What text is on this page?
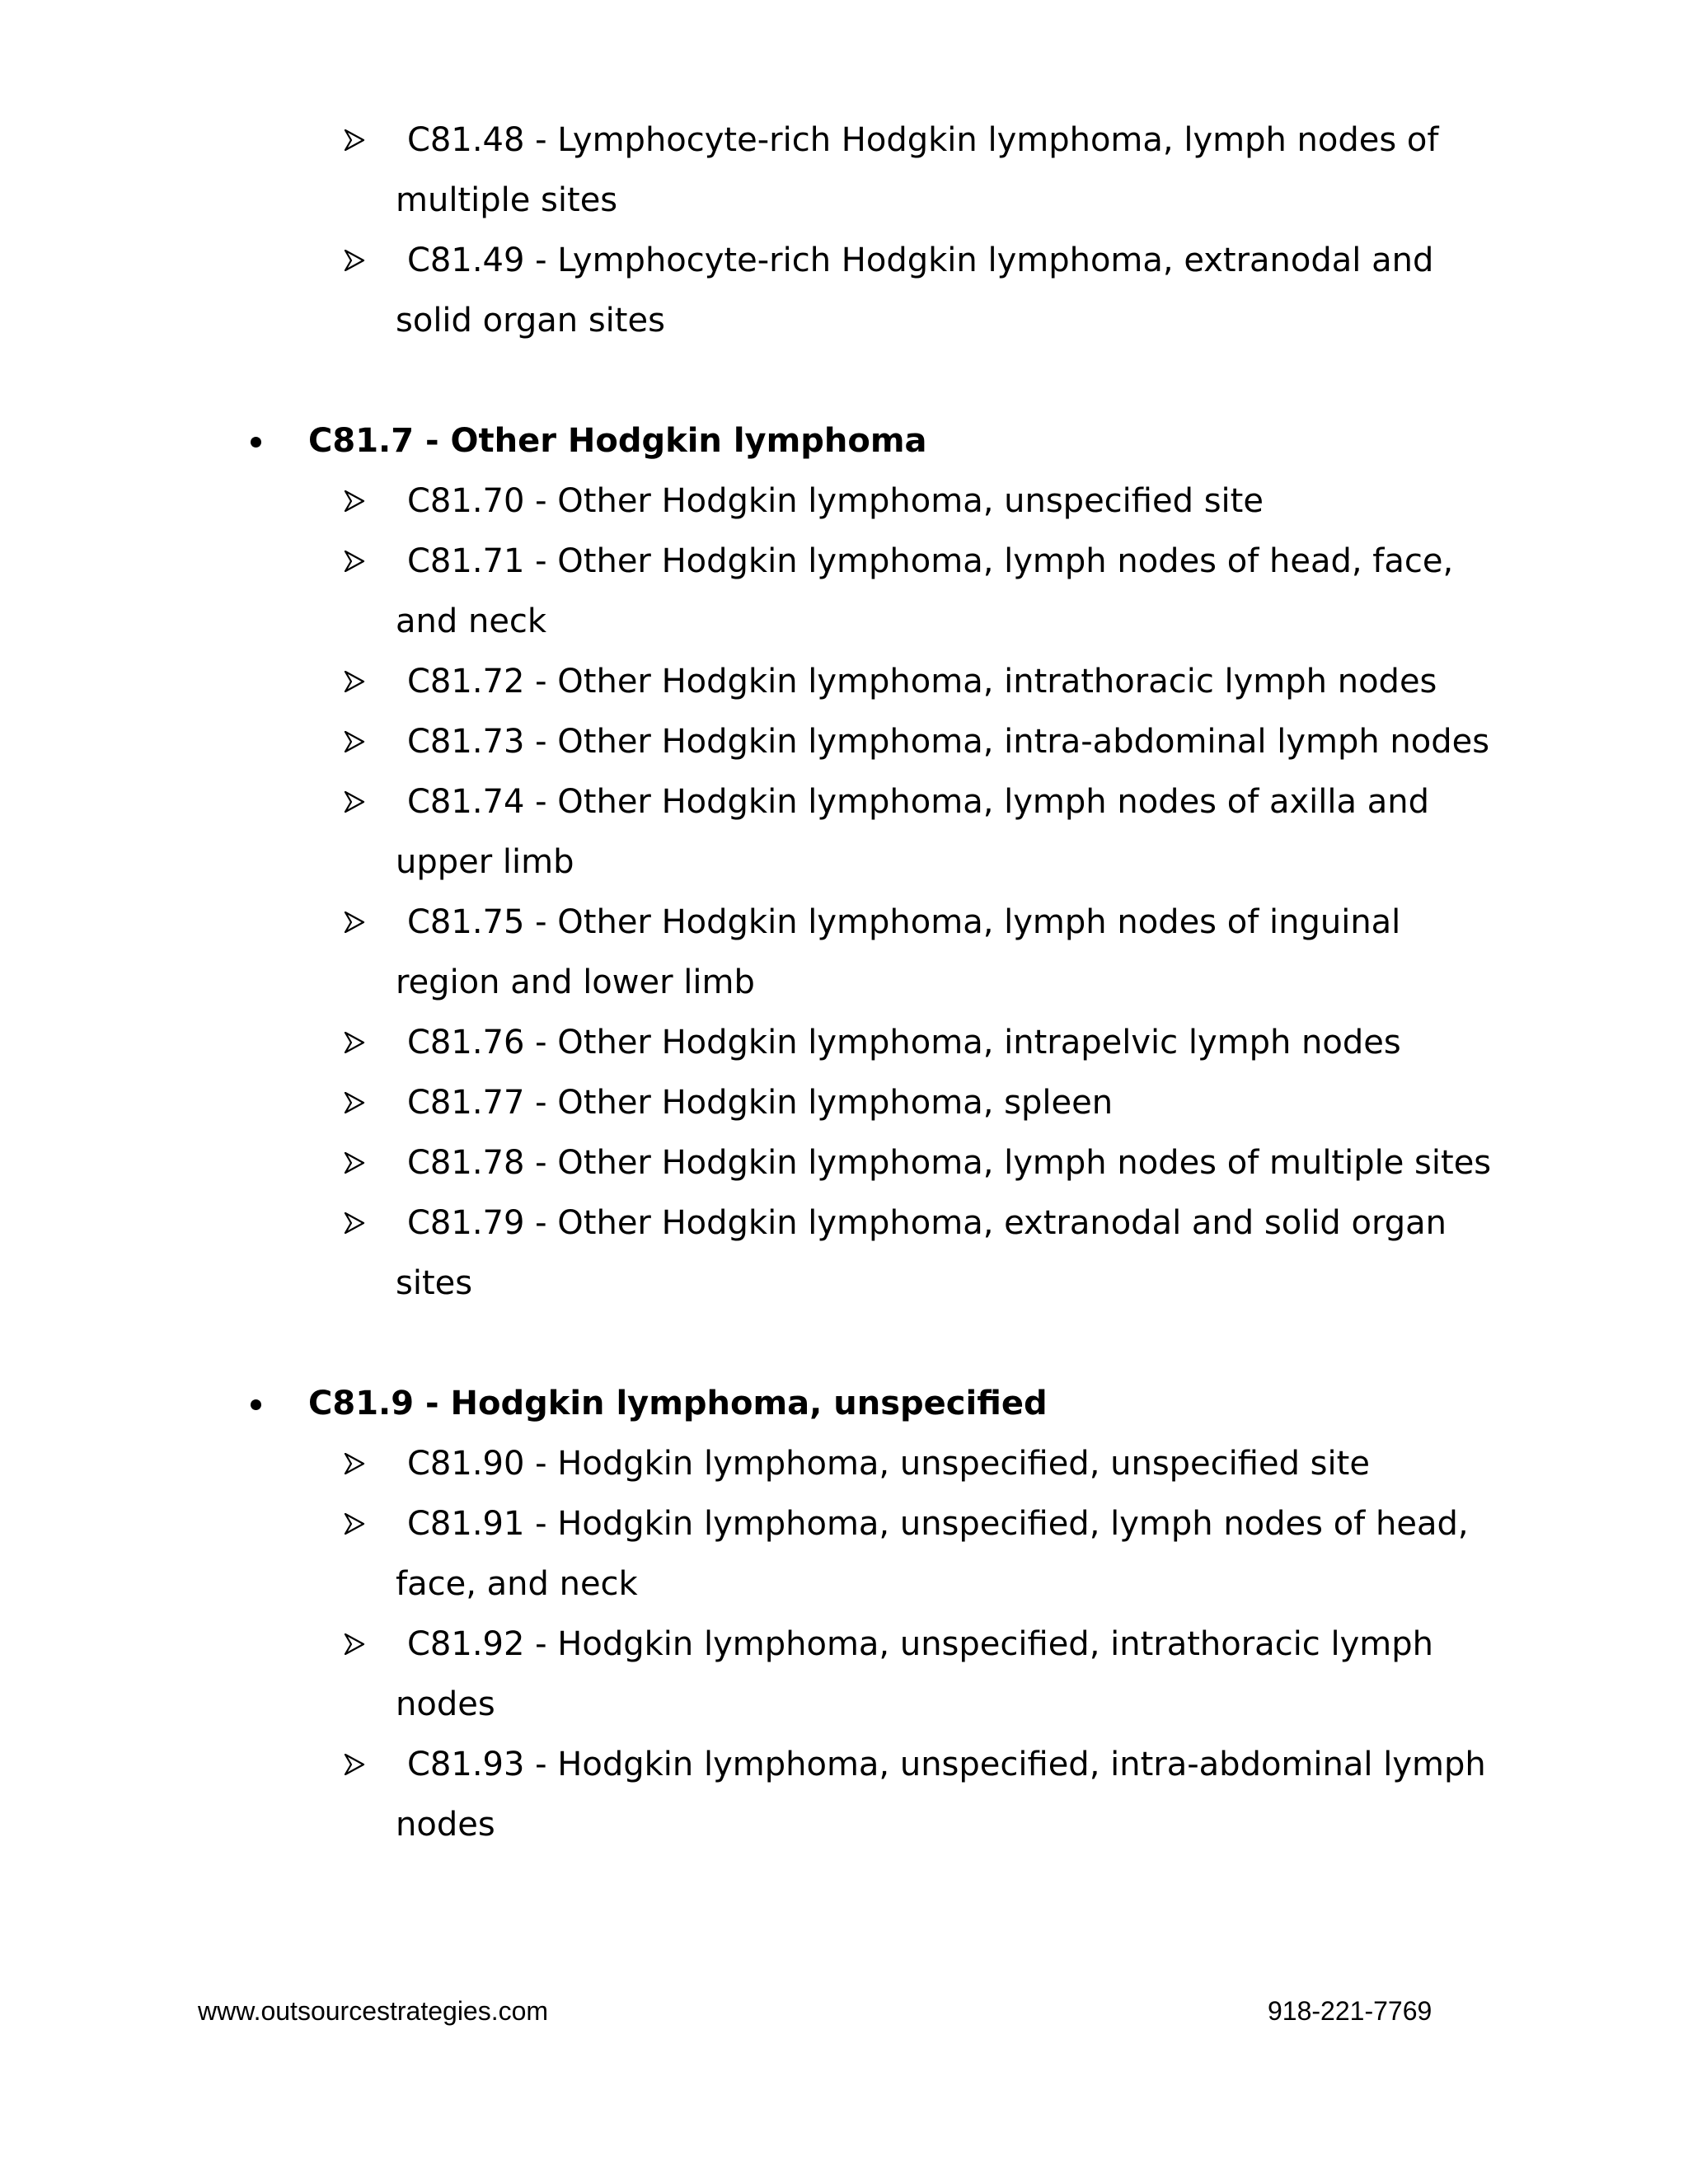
C81.48 - Lymphocyte-rich Hodgkin lymphoma, lymph nodes of multiple sites
C81.49 - Lymphocyte-rich Hodgkin lymphoma, extranodal and solid organ sites
C81.7 - Other Hodgkin lymphoma
C81.70 - Other Hodgkin lymphoma, unspecified site
C81.71 - Other Hodgkin lymphoma, lymph nodes of head, face, and neck
C81.72 - Other Hodgkin lymphoma, intrathoracic lymph nodes
C81.73 - Other Hodgkin lymphoma, intra-abdominal lymph nodes
C81.74 - Other Hodgkin lymphoma, lymph nodes of axilla and upper limb
C81.75 - Other Hodgkin lymphoma, lymph nodes of inguinal region and lower limb
C81.76 - Other Hodgkin lymphoma, intrapelvic lymph nodes
C81.77 - Other Hodgkin lymphoma, spleen
C81.78 - Other Hodgkin lymphoma, lymph nodes of multiple sites
C81.79 - Other Hodgkin lymphoma, extranodal and solid organ sites
C81.9 - Hodgkin lymphoma, unspecified
C81.90 - Hodgkin lymphoma, unspecified, unspecified site
C81.91 - Hodgkin lymphoma, unspecified, lymph nodes of head, face, and neck
C81.92 - Hodgkin lymphoma, unspecified, intrathoracic lymph nodes
C81.93 - Hodgkin lymphoma, unspecified, intra-abdominal lymph nodes
www.outsourcestrategies.com	918-221-7769
